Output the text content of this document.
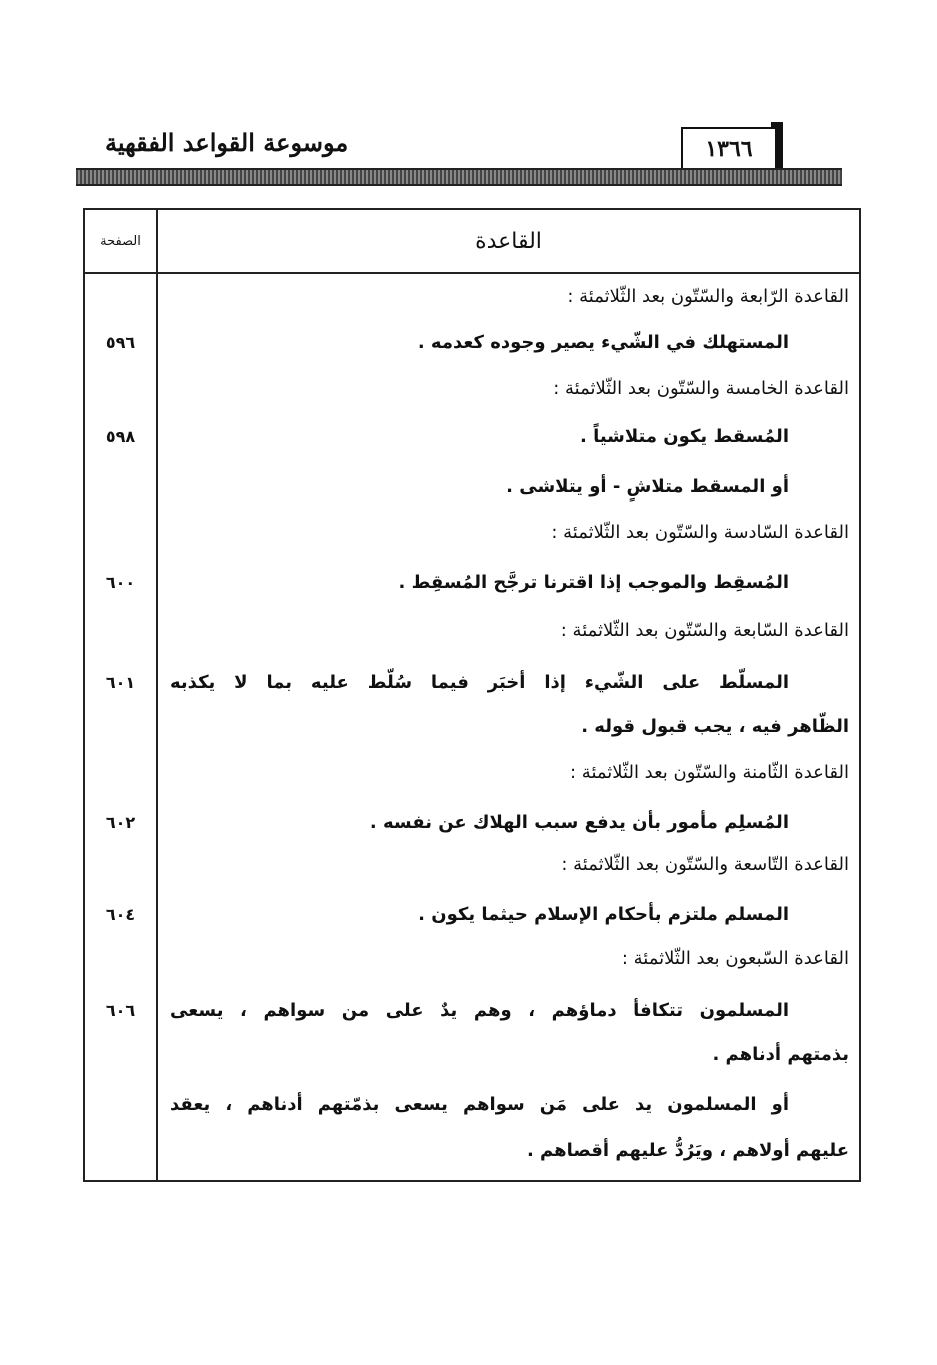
موسوعة القواعد الفقهية	١٣٦٦
الصفحة	القاعدة
القاعدة الرّابعة والسّتّون بعد الثّلاثمئة :
المستهلك في الشّيء يصير وجوده كعدمه .
٥٩٦
القاعدة الخامسة والسّتّون بعد الثّلاثمئة :
المُسقط يكون متلاشياً .
٥٩٨
أو المسقط متلاشٍ - أو يتلاشى .
القاعدة السّادسة والسّتّون بعد الثّلاثمئة :
المُسقِط والموجب إذا اقترنا ترجَّح المُسقِط .
٦٠٠
القاعدة السّابعة والسّتّون بعد الثّلاثمئة :
المسلّط على الشّيء إذا أخبَر فيما سُلّط عليه بما لا يكذبه
٦٠١
الظّاهر فيه ، يجب قبول قوله .
القاعدة الثّامنة والسّتّون بعد الثّلاثمئة :
المُسلِم مأمور بأن يدفع سبب الهلاك عن نفسه .
٦٠٢
القاعدة التّاسعة والسّتّون بعد الثّلاثمئة :
المسلم ملتزم بأحكام الإسلام حيثما يكون .
٦٠٤
القاعدة السّبعون بعد الثّلاثمئة :
المسلمون تتكافأ دماؤهم ، وهم يدٌ على من سواهم ، يسعى
٦٠٦
بذمتهم أدناهم .
أو المسلمون يد على مَن سواهم يسعى بذمّتهم أدناهم ، يعقد
عليهم أولاهم ، ويَرُدُّ عليهم أقصاهم .
